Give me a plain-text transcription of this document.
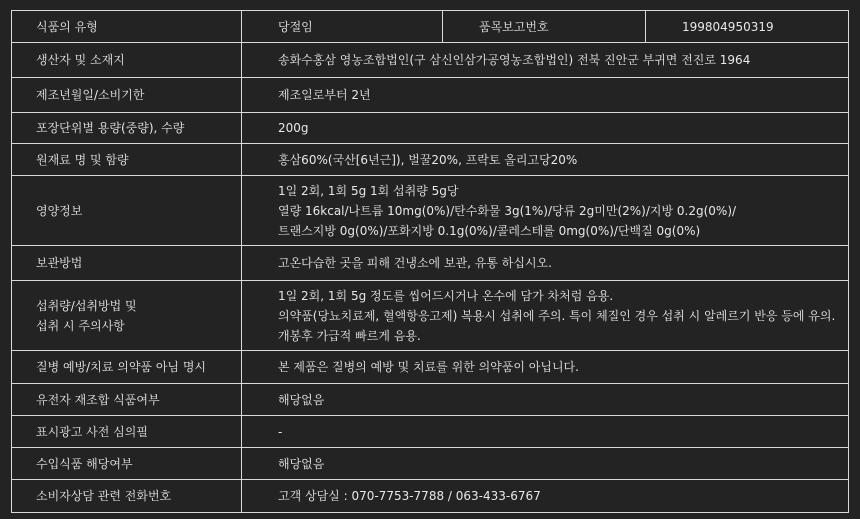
식품의 유형	당절임	품목보고번호	199804950319
생산자 및 소재지	송화수홍삼 영농조합법인(구 삼신인삼가공영농조합법인) 전북 진안군 부귀면 전진로 1964		
제조년월일/소비기한	제조일로부터 2년		
포장단위별 용량(중량), 수량	200g		
원재료 명 및 함량	홍삼60%(국산[6년근]), 벌꿀20%, 프락토 올리고당20%		
영양정보	1일 2회, 1회 5g 1회 섭취량 5g당
열량 16kcal/나트륨 10mg(0%)/탄수화물 3g(1%)/당류 2g미만(2%)/지방 0.2g(0%)/
트랜스지방 0g(0%)/포화지방 0.1g(0%)/콜레스테롤 0mg(0%)/단백질 0g(0%)		

보관방법	고온다습한 곳을 피해 건냉소에 보관, 유통 하십시오.		

섭취량/섭취방법 및
섭취 시 주의사항	1일 2회, 1회 5g 정도를 씹어드시거나 온수에 담가 차처럼 음용.
의약품(당뇨치료제, 혈액항응고제) 복용시 섭취에 주의. 특이 체질인 경우 섭취 시 알레르기 반응 등에 유의.
개봉후 가급적 빠르게 음용.		

질병 예방/치료 의약품 아님 명시	본 제품은 질병의 예방 및 치료를 위한 의약품이 아닙니다.		
유전자 재조합 식품여부	해당없음		
표시광고 사전 심의필	-		
수입식품 해당여부	해당없음		
소비자상담 관련 전화번호	고객 상담실 : 070-7753-7788 / 063-433-6767		
